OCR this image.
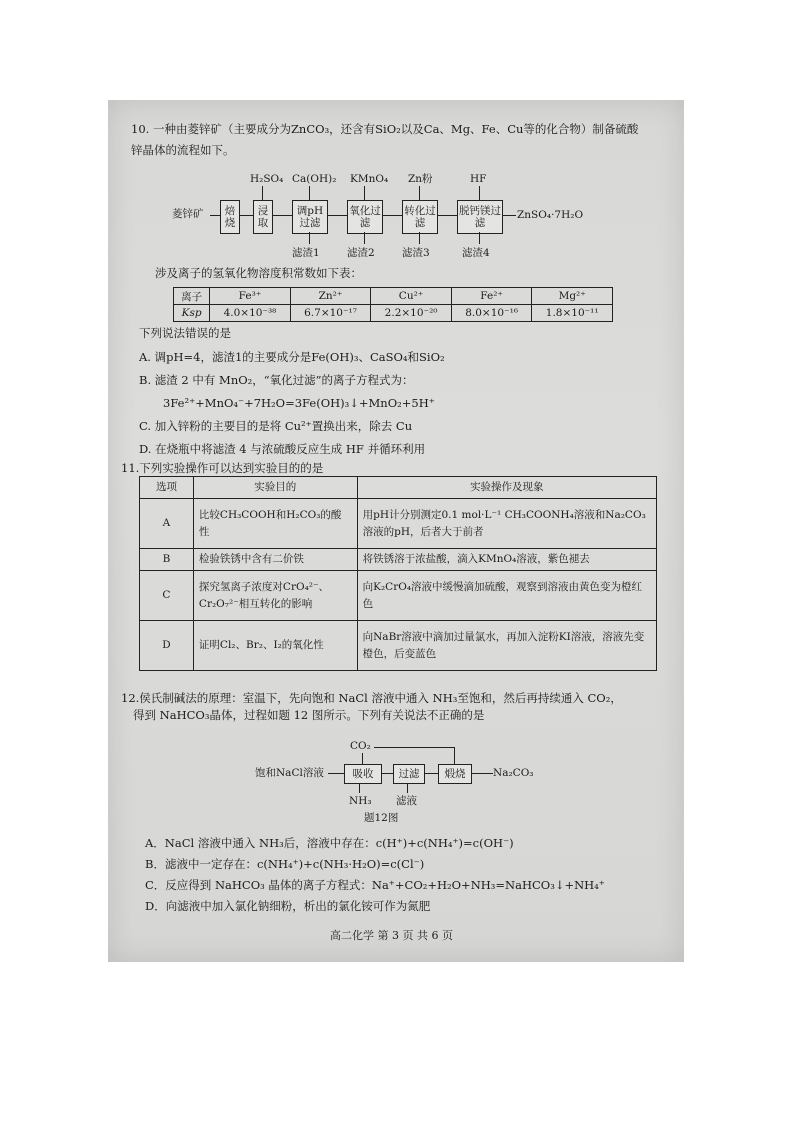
10. 一种由菱锌矿（主要成分为ZnCO₃，还含有SiO₂以及Ca、Mg、Fe、Cu等的化合物）制备硫酸
锌晶体的流程如下。
菱锌矿	焙烧
浸取
调pH过滤
氧化过滤
转化过滤
脱钙镁过滤
ZnSO₄·7H₂O
H₂SO₄ Ca(OH)₂ KMnO₄ Zn粉	HF
滤渣1	滤渣2	滤渣3	滤渣4
涉及离子的氢氧化物溶度积常数如下表：
离子	Fe³⁺	Zn²⁺	Cu²⁺	Fe²⁺	Mg²⁺
Ksp	4.0×10⁻³⁸	6.7×10⁻¹⁷	2.2×10⁻²⁰	8.0×10⁻¹⁶	1.8×10⁻¹¹
下列说法错误的是
A. 调pH=4，滤渣1的主要成分是Fe(OH)₃、CaSO₄和SiO₂
B. 滤渣 2 中有 MnO₂，“氧化过滤”的离子方程式为：
3Fe²⁺+MnO₄⁻+7H₂O=3Fe(OH)₃↓+MnO₂+5H⁺
C. 加入锌粉的主要目的是将 Cu²⁺置换出来，除去 Cu
D. 在烧瓶中将滤渣 4 与浓硫酸反应生成 HF 并循环利用
11.下列实验操作可以达到实验目的的是
选项	实验目的	实验操作及现象
A	比较CH₃COOH和H₂CO₃的酸性	用pH计分别测定0.1 mol·L⁻¹ CH₃COONH₄溶液和Na₂CO₃溶液的pH，后者大于前者
B	检验铁锈中含有二价铁	将铁锈溶于浓盐酸，滴入KMnO₄溶液，紫色褪去
C	探究氢离子浓度对CrO₄²⁻、Cr₂O₇²⁻相互转化的影响	向K₂CrO₄溶液中缓慢滴加硫酸，观察到溶液由黄色变为橙红色
D	证明Cl₂、Br₂、I₂的氧化性	向NaBr溶液中滴加过量氯水，再加入淀粉KI溶液，溶液先变橙色，后变蓝色
12.侯氏制碱法的原理：室温下，先向饱和 NaCl 溶液中通入 NH₃至饱和，然后再持续通入 CO₂，
得到 NaHCO₃晶体，过程如题 12 图所示。下列有关说法不正确的是
CO₂
饱和NaCl溶液	吸收 过滤 煅烧	Na₂CO₃
NH₃ 滤液
题12图
A．NaCl 溶液中通入 NH₃后，溶液中存在：c(H⁺)+c(NH₄⁺)=c(OH⁻)
B．滤液中一定存在：c(NH₄⁺)+c(NH₃·H₂O)=c(Cl⁻)
C．反应得到 NaHCO₃ 晶体的离子方程式：Na⁺+CO₂+H₂O+NH₃=NaHCO₃↓+NH₄⁺
D．向滤液中加入氯化钠细粉，析出的氯化铵可作为氮肥
高二化学 第 3 页 共 6 页
